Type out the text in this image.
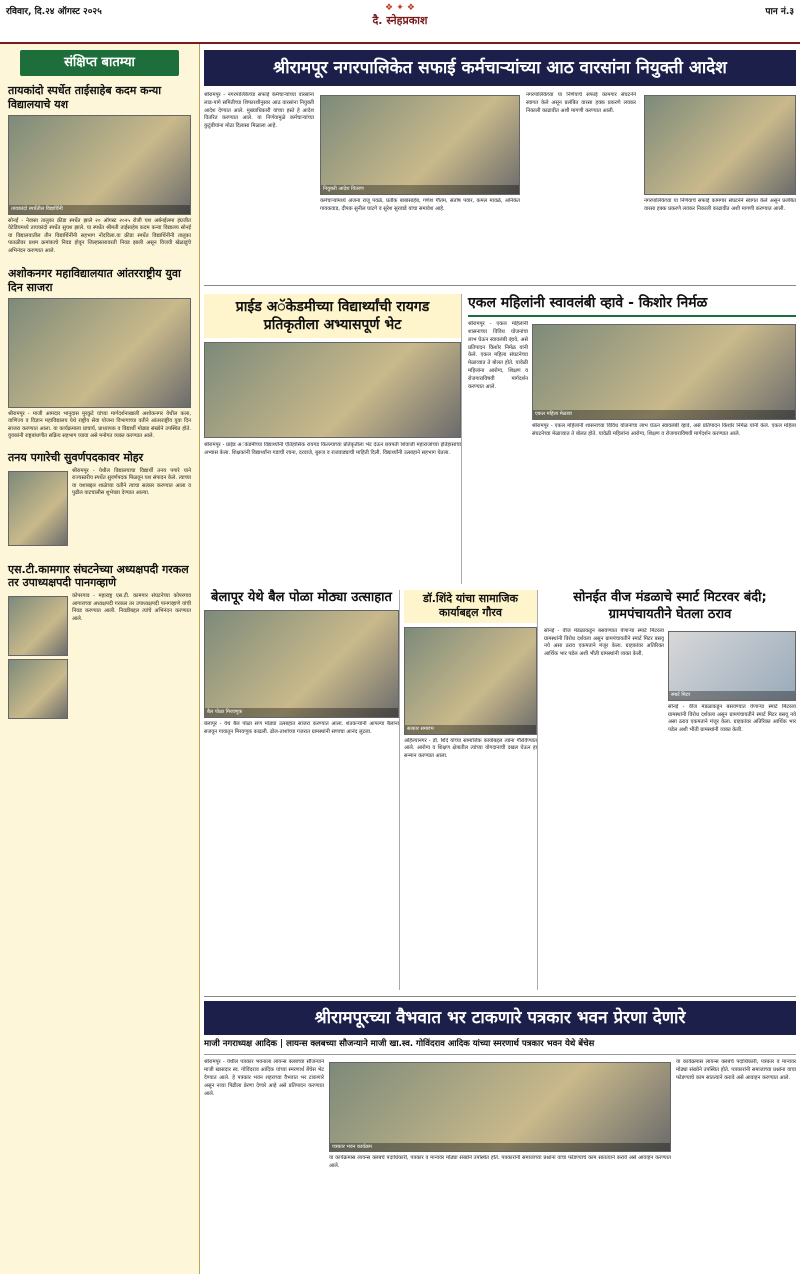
रविवार, दि.२४ ऑगस्ट २०२५	❖ ✦ ❖
दै. स्नेहप्रकाश
पान नं.३
संक्षिप्त बातम्या
तायकांदो स्पर्धेत ताईसाहेब कदम कन्या विद्यालयाचे यश
तायकांदो स्पर्धेतील विद्यार्थिनी

सोनई - नेवासा तालुका क्रीडा स्पर्धेत झाले २० ऑगस्ट २०२५ रोजी यश अर्बनईलमा इंग्रजीत वेटेडियमध्ये तायकांदो स्पर्धेत सुयश झाले. या स्पर्धेत श्रीमती ताईसाहेब कदम कन्या विद्यालय सोनई या विद्यालयातील तीन विद्यार्थिनींनी सहभाग नोंदविला.या क्रीडा स्पर्धेत विद्यार्थिनींनी तालुका पातळीवर प्रथम क्रमांकाचे निवड होवून जिल्हास्तरावरती निवड झाली असून विजयी खेळाडूंचे अभिनंदन करण्यात आले.

अशोकनगर महाविद्यालयात आंतरराष्ट्रीय युवा दिन साजरा

श्रीरामपूर - माजी आमदार भानुदास मुरकुटे यांच्या मार्गदर्शनाखाली अशोकनगर येथील कला, वाणिज्य व विज्ञान महाविद्यालय येथे राष्ट्रीय सेवा योजना विभागाच्या वतीने आंतरराष्ट्रीय युवा दिन साजरा करण्यात आला. या कार्यक्रमाला प्राचार्य, प्राध्यापक व विद्यार्थी मोठ्या संख्येने उपस्थित होते. युवकांनी राष्ट्रबांधणीत सक्रिय सहभाग घ्यावा असे मनोगत व्यक्त करण्यात आले.

तनय पगारेची सुवर्णपदकावर मोहर

श्रीरामपूर - येथील विद्यालयाचा विद्यार्थी तनय पगारे याने राज्यस्तरीय स्पर्धेत सुवर्णपदक मिळवून यश संपादन केले. त्याच्या या यशाबद्दल शाळेच्या वतीने त्याचा सत्कार करण्यात आला व पुढील वाटचालीस शुभेच्छा देण्यात आल्या.

एस.टी.कामगार संघटनेच्या अध्यक्षपदी गरकल तर उपाध्यक्षपदी पानगव्हाणे

कोपरगाव - महाराष्ट्र एस.टी. कामगार संघटनेच्या कोपरगाव आगाराच्या अध्यक्षपदी गरकल तर उपाध्यक्षपदी पानगव्हाणे यांची निवड करण्यात आली. निवडीबद्दल त्यांचे अभिनंदन करण्यात आले.

श्रीरामपूर नगरपालिकेत सफाई कर्मचाऱ्यांच्या आठ वारसांना नियुक्ती आदेश
श्रीरामपूर - नगरपालिकेच्या सफाई कर्मचाऱ्यांच्या वारसांना लाड-पागे समितीच्या शिफारशीनुसार आठ वारसांना नियुक्ती आदेश देण्यात आले. मुख्याधिकारी यांच्या हस्ते हे आदेश वितरित करण्यात आले. या निर्णयामुळे कर्मचाऱ्यांच्या कुटुंबीयांना मोठा दिलासा मिळाला आहे.
नियुक्ती आदेश वितरण
कर्मचाऱ्यांमध्ये अंजना राजू पवळे, प्रतीक बाबासाहेब, गणेश गौतम, संतोष पवार, कमल मावळे, अनिकेत गायकवाड, दीपक सुनील घाटगे व सुरेश सुरवाडे यांचा समावेश आहे.
नगरपालिकेच्या या निर्णयाचे सफाई कामगार संघटनेने स्वागत केले असून प्रलंबित वारसा हक्क प्रकरणे लवकर निकाली काढावीत अशी मागणी करण्यात आली.
नगरपालिकेच्या या निर्णयाचे सफाई कामगार संघटनेने स्वागत केले असून प्रलंबित वारसा हक्क प्रकरणे लवकर निकाली काढावीत अशी मागणी करण्यात आली.
प्राईड अॅकेडमीच्या विद्यार्थ्यांची रायगड प्रतिकृतीला अभ्यासपूर्ण भेट
श्रीरामपूर - प्राईड अॅकेडमीच्या विद्यार्थ्यांनी ऐतिहासिक रायगड किल्ल्याच्या प्रतिकृतीला भेट देऊन छत्रपती शिवाजी महाराजांच्या इतिहासाचा अभ्यास केला. शिक्षकांनी विद्यार्थ्यांना गडाची रचना, दरवाजे, बुरुज व राजवाड्याची माहिती दिली. विद्यार्थ्यांनी उत्साहाने सहभाग घेतला.
एकल महिलांनी स्वावलंबी व्हावे - किशोर निर्मळ
श्रीरामपूर - एकल महिलांनी शासनाच्या विविध योजनांचा लाभ घेऊन स्वावलंबी व्हावे, असे प्रतिपादन किशोर निर्मळ यांनी केले. एकल महिला संघटनेच्या मेळाव्यात ते बोलत होते. यावेळी महिलांना आरोग्य, शिक्षण व रोजगाराविषयी मार्गदर्शन करण्यात आले.
एकल महिला मेळावा
श्रीरामपूर - एकल महिलांनी शासनाच्या विविध योजनांचा लाभ घेऊन स्वावलंबी व्हावे, असे प्रतिपादन किशोर निर्मळ यांनी केले. एकल महिला संघटनेच्या मेळाव्यात ते बोलत होते. यावेळी महिलांना आरोग्य, शिक्षण व रोजगाराविषयी मार्गदर्शन करण्यात आले.
बेलापूर येथे बैल पोळा मोठ्या उत्साहात
बैल पोळा मिरवणूक
बेलापूर - येथे बैल पोळा सण मोठ्या उत्साहात साजरा करण्यात आला. शेतकऱ्यांनी आपल्या बैलांना सजवून गावातून मिरवणूक काढली. ढोल-ताशांच्या गजरात ग्रामस्थांनी सणाचा आनंद लुटला.
डॉ.शिंदे यांचा सामाजिक कार्याबद्दल गौरव
सत्कार समारंभ
अहिल्यानगर - डॉ. शिंदे यांच्या सामाजिक कार्याबद्दल त्यांना गौरविण्यात आले. आरोग्य व शिक्षण क्षेत्रातील त्यांच्या योगदानाची दखल घेऊन हा सन्मान करण्यात आला.
सोनईत वीज मंडळाचे स्मार्ट मिटरवर बंदी; ग्रामपंचायतीने घेतला ठराव
सोनई - वीज मंडळाकडून बसवण्यात येणाऱ्या स्मार्ट मिटरला ग्रामस्थांनी विरोध दर्शवला असून ग्रामपंचायतीने स्मार्ट मिटर बसवू नये असा ठराव एकमताने मंजूर केला. ग्राहकांवर अतिरिक्त आर्थिक भार पडेल अशी भीती ग्रामस्थांनी व्यक्त केली.
स्मार्ट मिटर
सोनई - वीज मंडळाकडून बसवण्यात येणाऱ्या स्मार्ट मिटरला ग्रामस्थांनी विरोध दर्शवला असून ग्रामपंचायतीने स्मार्ट मिटर बसवू नये असा ठराव एकमताने मंजूर केला. ग्राहकांवर अतिरिक्त आर्थिक भार पडेल अशी भीती ग्रामस्थांनी व्यक्त केली.
श्रीरामपूरच्या वैभवात भर टाकणारे पत्रकार भवन प्रेरणा देणारे
माजी नगराध्यक्ष आदिक | लायन्स क्लबच्या सौजन्याने माजी खा.स्व. गोविंदराव आदिक यांच्या स्मरणार्थ पत्रकार भवन येथे बेंचेस
श्रीरामपूर - येथील पत्रकार भवनाला लायन्स क्लबच्या सौजन्याने माजी खासदार स्व. गोविंदराव आदिक यांच्या स्मरणार्थ बेंचेस भेट देण्यात आले. हे पत्रकार भवन शहराच्या वैभवात भर टाकणारे असून नव्या पिढीला प्रेरणा देणारे आहे असे प्रतिपादन करण्यात आले.
पत्रकार भवन कार्यक्रम
या कार्यक्रमास लायन्स क्लबचे पदाधिकारी, पत्रकार व मान्यवर मोठ्या संख्येने उपस्थित होते. पत्रकारांनी समाजाच्या प्रश्नांना वाचा फोडण्याचे काम सातत्याने करावे असे आवाहन करण्यात आले.
या कार्यक्रमास लायन्स क्लबचे पदाधिकारी, पत्रकार व मान्यवर मोठ्या संख्येने उपस्थित होते. पत्रकारांनी समाजाच्या प्रश्नांना वाचा फोडण्याचे काम सातत्याने करावे असे आवाहन करण्यात आले.
